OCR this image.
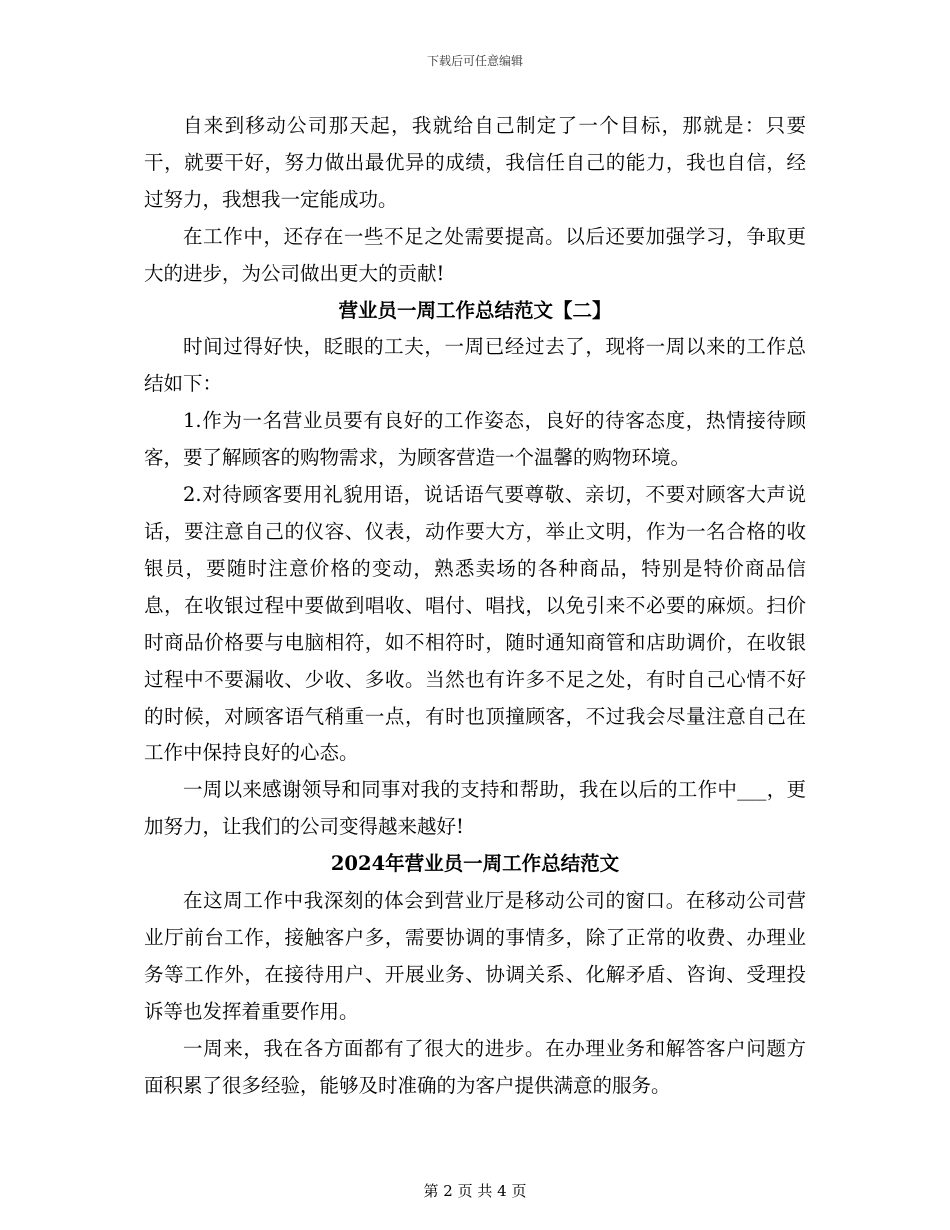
下载后可任意编辑

自来到移动公司那天起，我就给自己制定了一个目标，那就是：只要干，就要干好，努力做出最优异的成绩，我信任自己的能力，我也自信，经过努力，我想我一定能成功。

在工作中，还存在一些不足之处需要提高。以后还要加强学习，争取更大的进步，为公司做出更大的贡献!

营业员一周工作总结范文【二】

时间过得好快，眨眼的工夫，一周已经过去了，现将一周以来的工作总结如下：

1.作为一名营业员要有良好的工作姿态，良好的待客态度，热情接待顾客，要了解顾客的购物需求，为顾客营造一个温馨的购物环境。

2.对待顾客要用礼貌用语，说话语气要尊敬、亲切，不要对顾客大声说话，要注意自己的仪容、仪表，动作要大方，举止文明，作为一名合格的收银员，要随时注意价格的变动，熟悉卖场的各种商品，特别是特价商品信息，在收银过程中要做到唱收、唱付、唱找，以免引来不必要的麻烦。扫价时商品价格要与电脑相符，如不相符时，随时通知商管和店助调价，在收银过程中不要漏收、少收、多收。当然也有许多不足之处，有时自己心情不好的时候，对顾客语气稍重一点，有时也顶撞顾客，不过我会尽量注意自己在工作中保持良好的心态。

一周以来感谢领导和同事对我的支持和帮助，我在以后的工作中___，更加努力，让我们的公司变得越来越好!

2024年营业员一周工作总结范文

在这周工作中我深刻的体会到营业厅是移动公司的窗口。在移动公司营业厅前台工作，接触客户多，需要协调的事情多，除了正常的收费、办理业务等工作外，在接待用户、开展业务、协调关系、化解矛盾、咨询、受理投诉等也发挥着重要作用。

一周来，我在各方面都有了很大的进步。在办理业务和解答客户问题方面积累了很多经验，能够及时准确的为客户提供满意的服务。

第 2 页 共 4 页
